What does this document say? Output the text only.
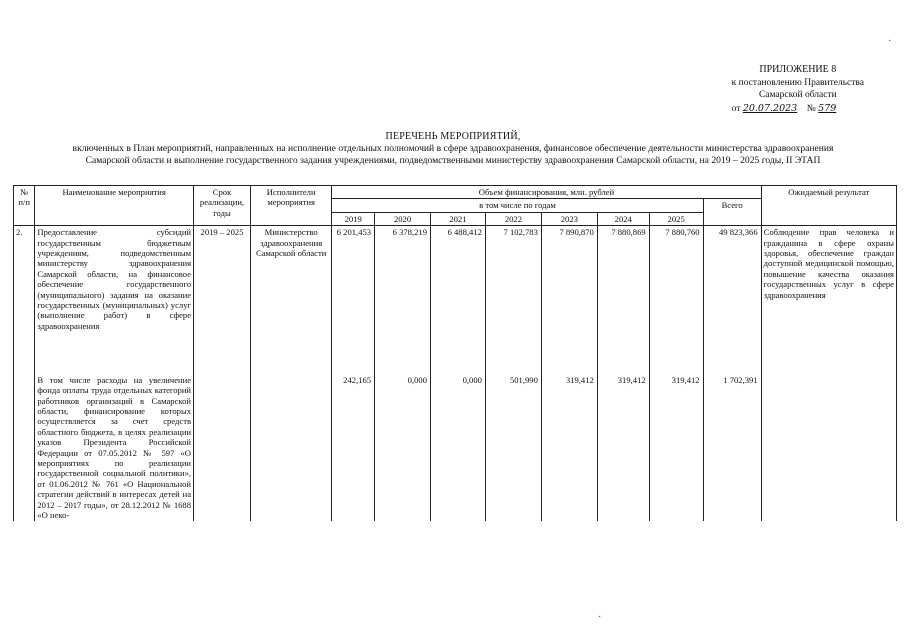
ПРИЛОЖЕНИЕ 8
к постановлению Правительства
Самарской области
от 20.07.2023 № 579
ПЕРЕЧЕНЬ МЕРОПРИЯТИЙ,
включенных в План мероприятий, направленных на исполнение отдельных полномочий в сфере здравоохранения, финансовое обеспечение деятельности министерства здравоохранения
Самарской области и выполнение государственного задания учреждениями, подведомственными министерству здравоохранения Самарской области, на 2019 – 2025 годы, II ЭТАП
№ п/п	Наименование мероприятия	Срок реализации, годы	Исполнители мероприятия	Объем финансирования, млн. рублей								Ожидаемый результат
				в том числе по годам							Всего	
				2019	2020	2021	2022	2023	2024	2025		
2.	Предоставление субсидий государственным бюджетным учреждениям, подведомственным министерству здравоохранения Самарской области, на финансовое обеспечение государственного (муниципального) задания на оказание государственных (муниципальных) услуг (выполнение работ) в сфере здравоохранения	2019 – 2025	Министерство здравоохранения Самарской области	6 201,453	6 378,219	6 488,412	7 102,783	7 890,870	7 880,869	7 880,760	49 823,366	Соблюдение прав человека и гражданина в сфере охраны здоровья, обеспечение граждан доступной медицинской помощью, повышение качества оказания государственных услуг в сфере здравоохранения
	В том числе расходы на увеличение фонда оплаты труда отдельных категорий работников организаций в Самарской области, финансирование которых осуществляется за счет средств областного бюджета, в целях реализации указов Президента Российской Федерации от 07.05.2012 № 597 «О мероприятиях по реализации государственной социальной политики», от 01.06.2012 № 761 «О Национальной стратегии действий в интересах детей на 2012 – 2017 годы», от 28.12.2012 № 1688 «О неко-			242,165	0,000	0,000	501,990	319,412	319,412	319,412	1 702,391	
·
·
